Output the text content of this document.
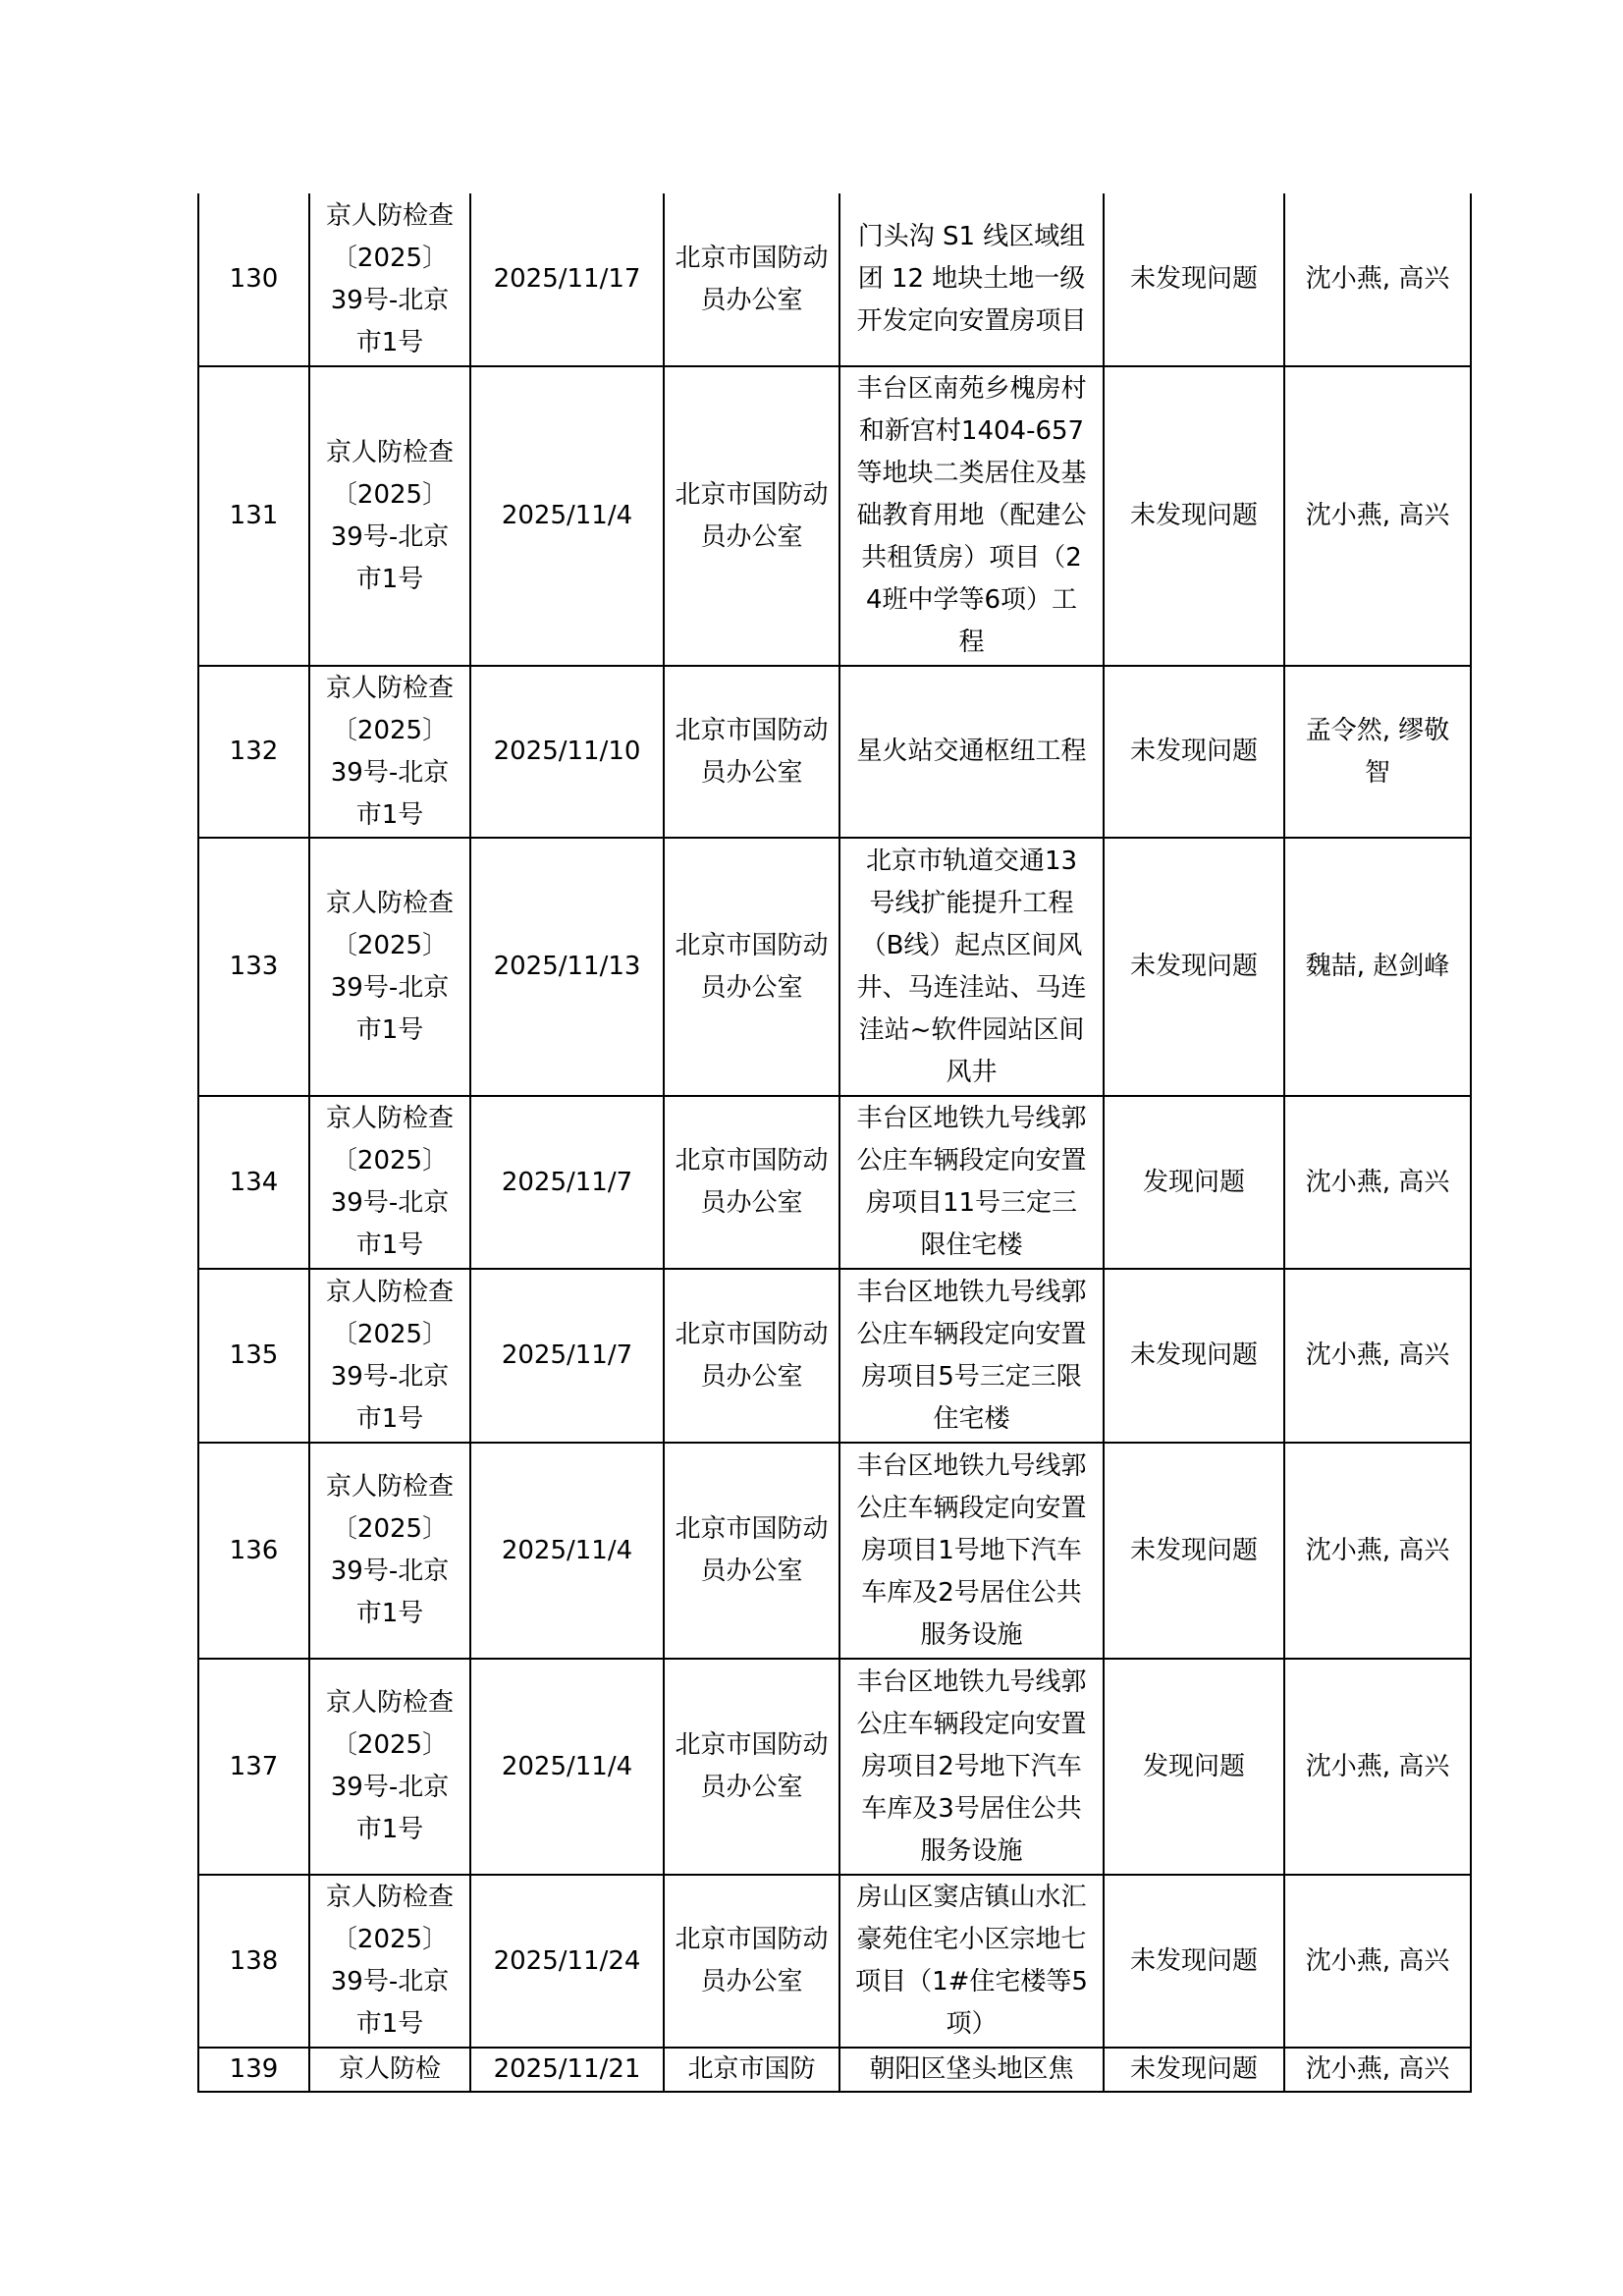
130	京人防检查〔2025〕39号-北京市1号	2025/11/17	北京市国防动员办公室	门头沟 S1 线区域组团 12 地块土地一级开发定向安置房项目	未发现问题	沈小燕, 高兴
131	京人防检查〔2025〕39号-北京市1号	2025/11/4	北京市国防动员办公室	丰台区南苑乡槐房村和新宫村1404-657等地块二类居住及基础教育用地（配建公共租赁房）项目（24班中学等6项）工程	未发现问题	沈小燕, 高兴
132	京人防检查〔2025〕39号-北京市1号	2025/11/10	北京市国防动员办公室	星火站交通枢纽工程	未发现问题	孟令然, 缪敬智
133	京人防检查〔2025〕39号-北京市1号	2025/11/13	北京市国防动员办公室	北京市轨道交通13号线扩能提升工程（B线）起点区间风井、马连洼站、马连洼站~软件园站区间风井	未发现问题	魏喆, 赵剑峰
134	京人防检查〔2025〕39号-北京市1号	2025/11/7	北京市国防动员办公室	丰台区地铁九号线郭公庄车辆段定向安置房项目11号三定三限住宅楼	发现问题	沈小燕, 高兴
135	京人防检查〔2025〕39号-北京市1号	2025/11/7	北京市国防动员办公室	丰台区地铁九号线郭公庄车辆段定向安置房项目5号三定三限住宅楼	未发现问题	沈小燕, 高兴
136	京人防检查〔2025〕39号-北京市1号	2025/11/4	北京市国防动员办公室	丰台区地铁九号线郭公庄车辆段定向安置房项目1号地下汽车车库及2号居住公共服务设施	未发现问题	沈小燕, 高兴
137	京人防检查〔2025〕39号-北京市1号	2025/11/4	北京市国防动员办公室	丰台区地铁九号线郭公庄车辆段定向安置房项目2号地下汽车车库及3号居住公共服务设施	发现问题	沈小燕, 高兴
138	京人防检查〔2025〕39号-北京市1号	2025/11/24	北京市国防动员办公室	房山区窦店镇山水汇豪苑住宅小区宗地七项目（1#住宅楼等5项）	未发现问题	沈小燕, 高兴
139	京人防检	2025/11/21	北京市国防	朝阳区垡头地区焦	未发现问题	沈小燕, 高兴
